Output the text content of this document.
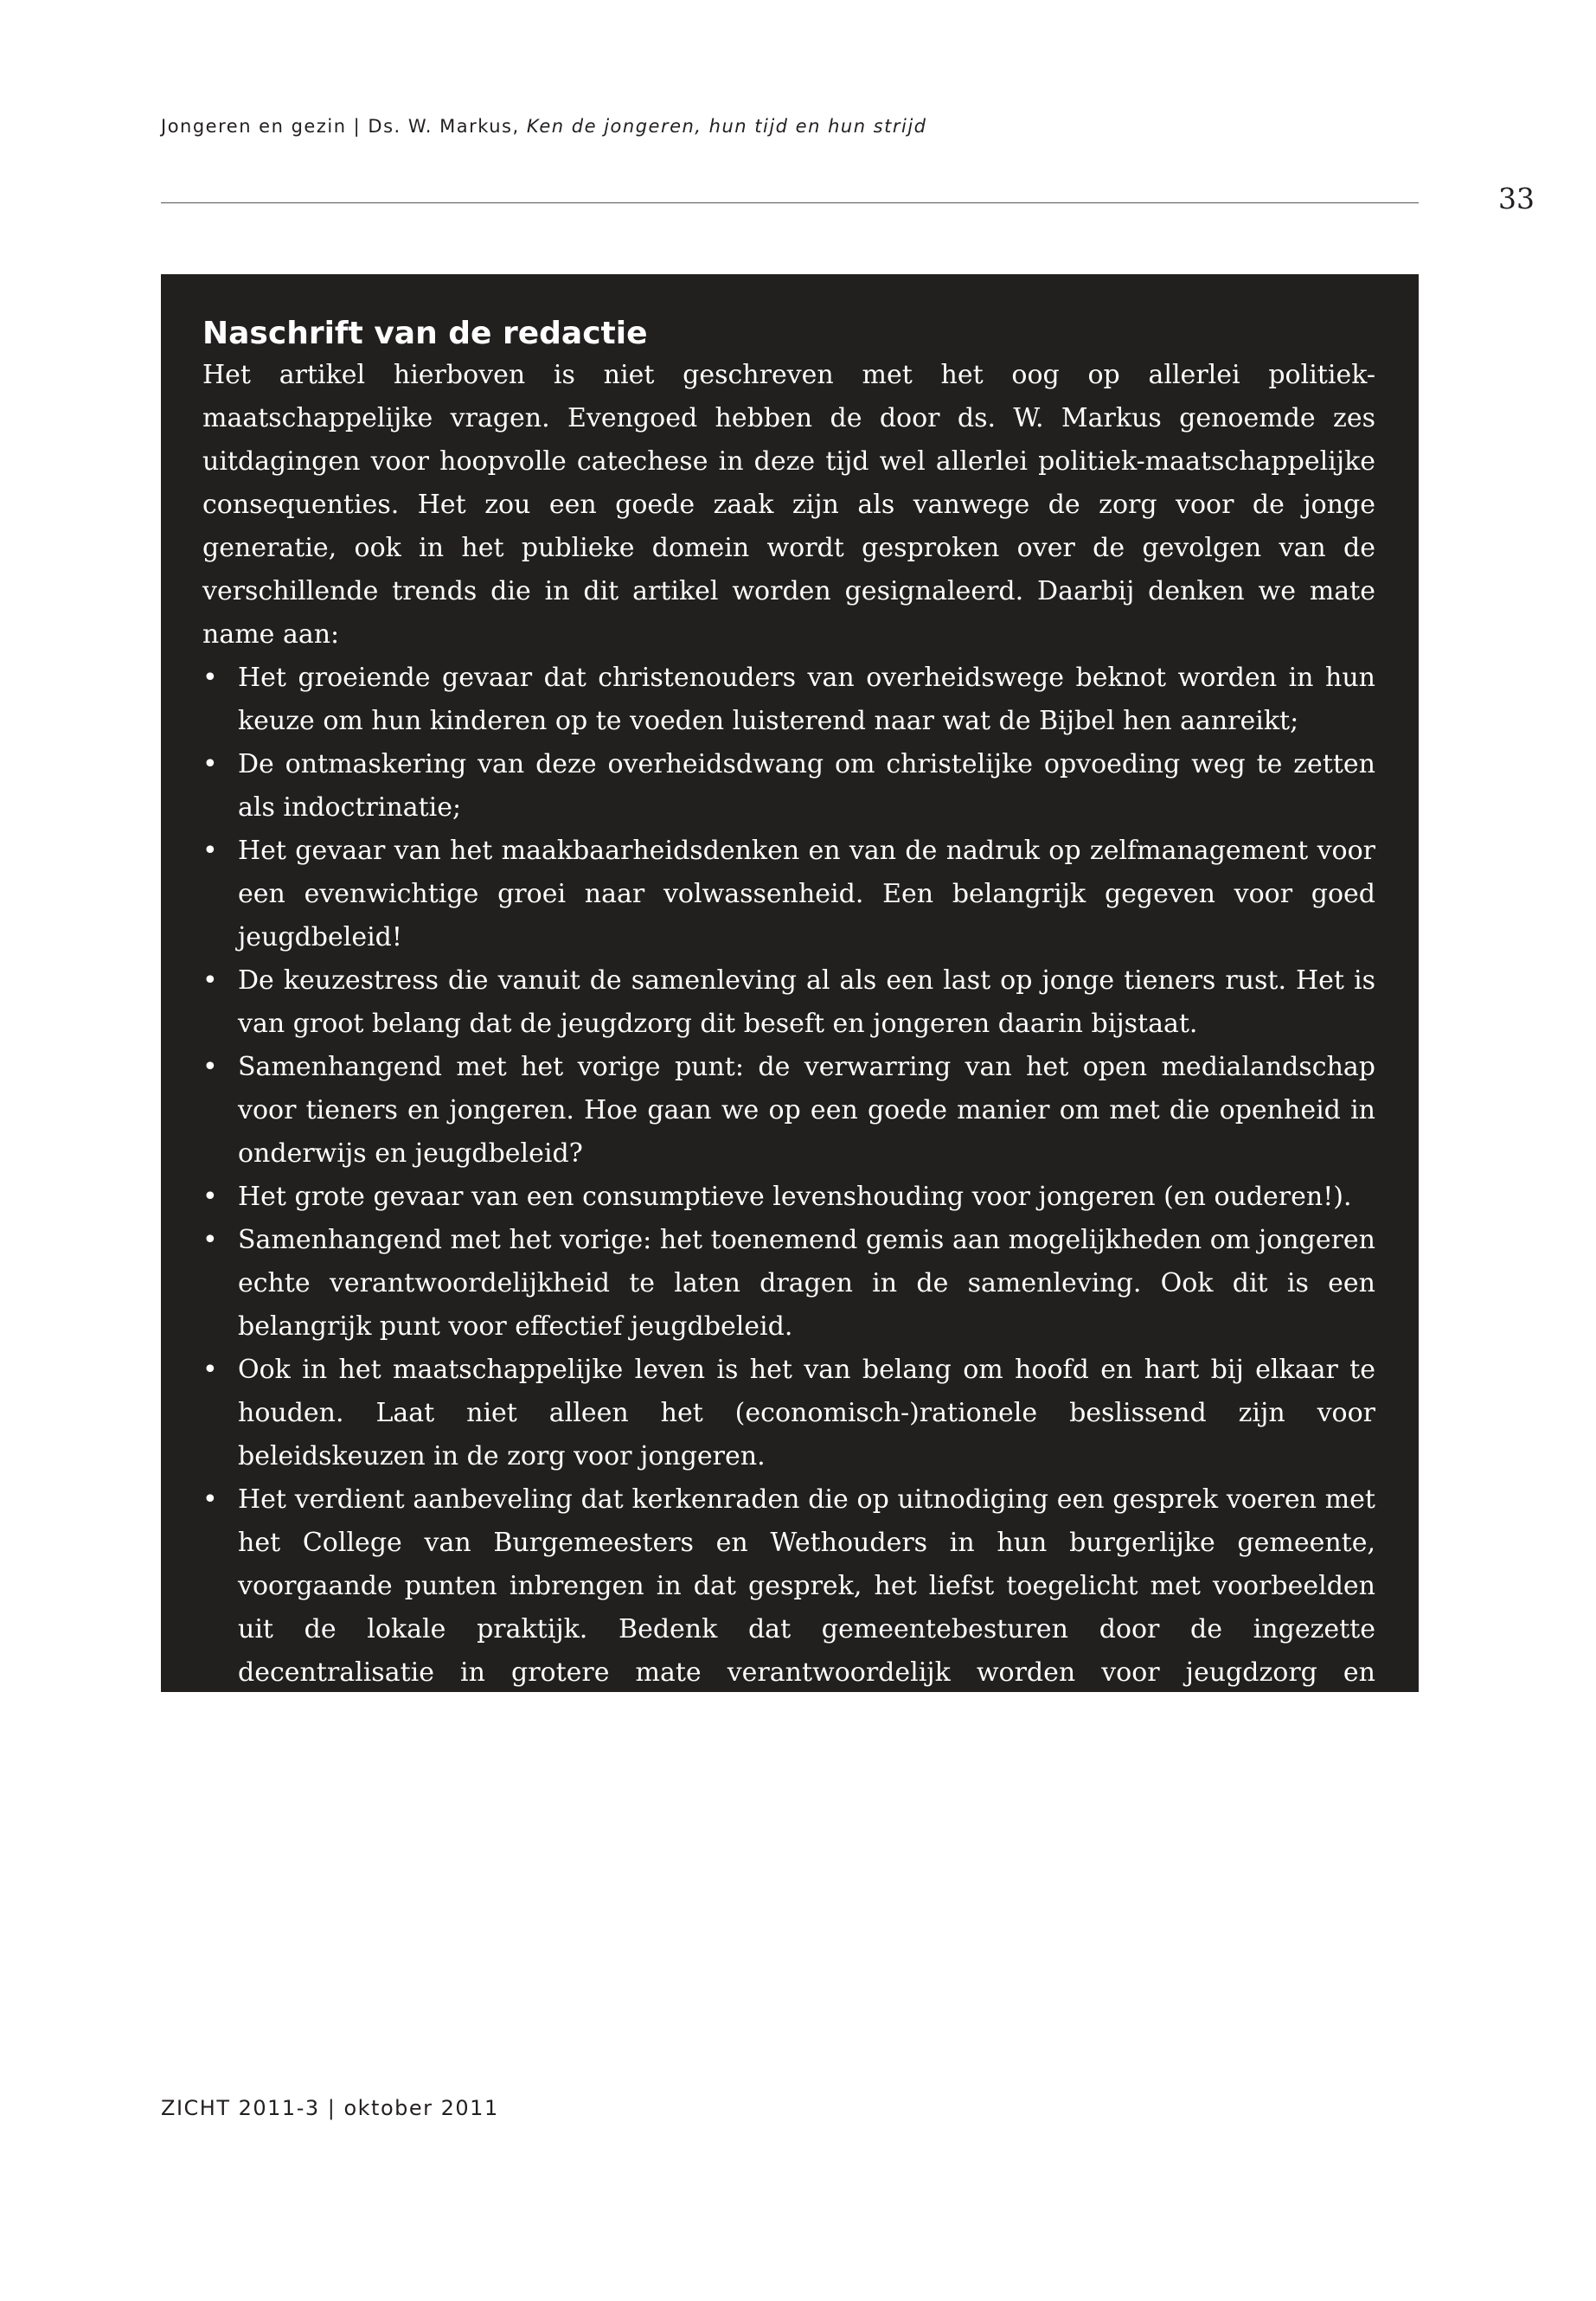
Jongeren en gezin | Ds. W. Markus, Ken de jongeren, hun tijd en hun strijd
33
Naschrift van de redactie

Het artikel hierboven is niet geschreven met het oog op allerlei politiek-maatschappelijke vragen. Evengoed hebben de door ds. W. Markus genoemde zes uitdagingen voor hoopvolle catechese in deze tijd wel allerlei politiek-maatschappelijke consequenties. Het zou een goede zaak zijn als vanwege de zorg voor de jonge generatie, ook in het publieke domein wordt gesproken over de gevolgen van de verschillende trends die in dit artikel worden gesignaleerd. Daarbij denken we mate name aan:

• Het groeiende gevaar dat christenouders van overheidswege beknot worden in hun keuze om hun kinderen op te voeden luisterend naar wat de Bijbel hen aanreikt;
• De ontmaskering van deze overheidsdwang om christelijke opvoeding weg te zetten als indoctrinatie;
• Het gevaar van het maakbaarheidsdenken en van de nadruk op zelfmanagement voor een evenwichtige groei naar volwassenheid. Een belangrijk gegeven voor goed jeugdbeleid!
• De keuzestress die vanuit de samenleving al als een last op jonge tieners rust. Het is van groot belang dat de jeugdzorg dit beseft en jongeren daarin bijstaat.
• Samenhangend met het vorige punt: de verwarring van het open medialandschap voor tieners en jongeren. Hoe gaan we op een goede manier om met die openheid in onderwijs en jeugdbeleid?
• Het grote gevaar van een consumptieve levenshouding voor jongeren (en ouderen!).
• Samenhangend met het vorige: het toenemend gemis aan mogelijkheden om jongeren echte verantwoordelijkheid te laten dragen in de samenleving. Ook dit is een belangrijk punt voor effectief jeugdbeleid.
• Ook in het maatschappelijke leven is het van belang om hoofd en hart bij elkaar te houden. Laat niet alleen het (economisch-)rationele beslissend zijn voor beleidskeuzen in de zorg voor jongeren.
• Het verdient aanbeveling dat kerkenraden die op uitnodiging een gesprek voeren met het College van Burgemeesters en Wethouders in hun burgerlijke gemeente, voorgaande punten inbrengen in dat gesprek, het liefst toegelicht met voorbeelden uit de lokale praktijk. Bedenk dat gemeentebesturen door de ingezette decentralisatie in grotere mate verantwoordelijk worden voor jeugdzorg en jongerenbeleid.
ZICHT 2011-3 | oktober 2011
